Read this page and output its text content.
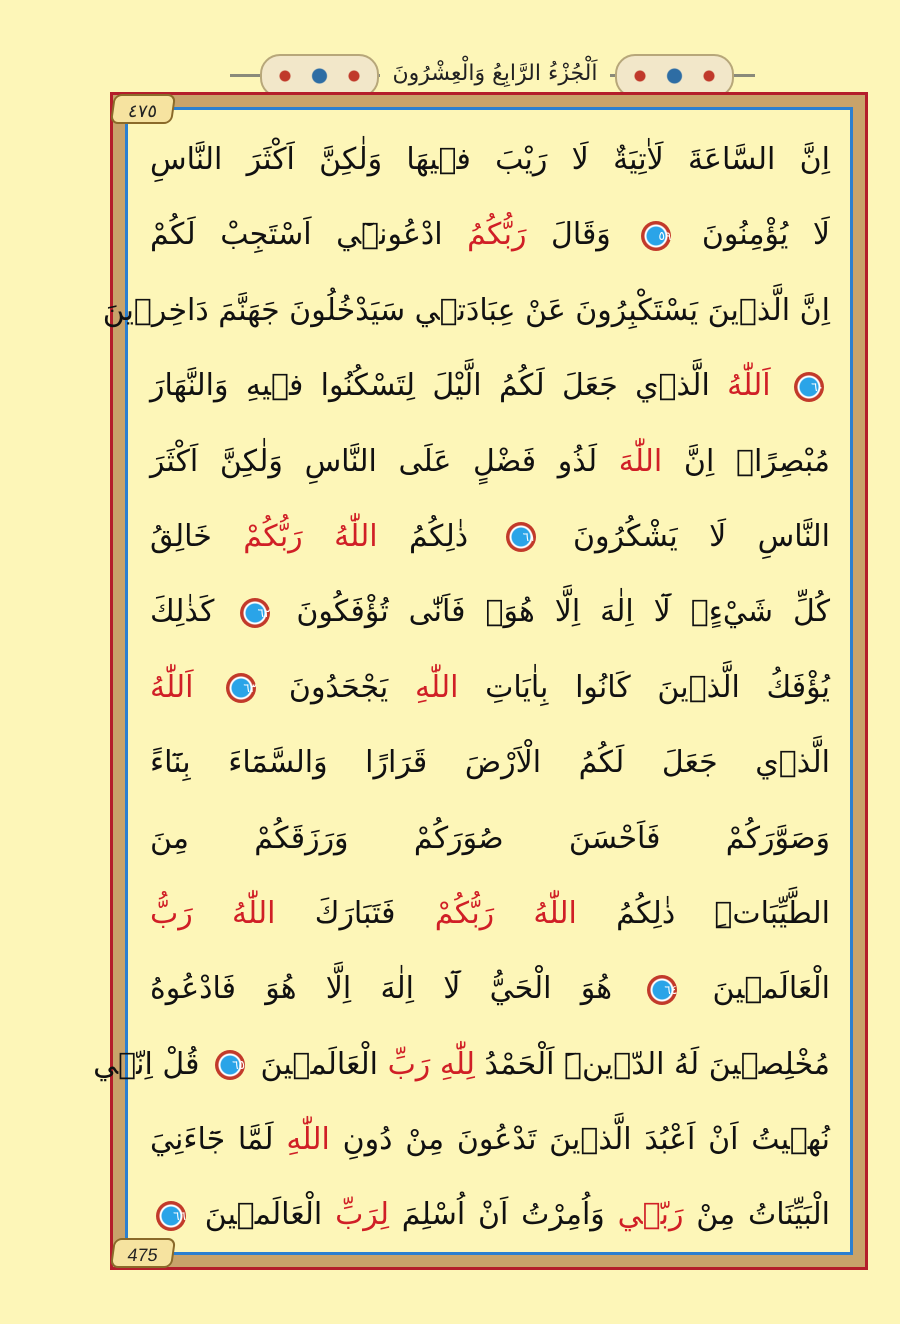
اَلْجُزْءُ الرَّابِعُ وَالْعِشْرُونَ
٤٧٥
475
اِنَّ السَّاعَةَ لَاٰتِيَةٌ لَا رَيْبَ ف۪يهَا وَلٰكِنَّ اَكْثَرَ النَّاسِ
لَا يُؤْمِنُونَ ٥٩ وَقَالَ رَبُّكُمُ ادْعُون۪ٓي اَسْتَجِبْ لَكُمْ
اِنَّ الَّذ۪ينَ يَسْتَكْبِرُونَ عَنْ عِبَادَت۪ي سَيَدْخُلُونَ جَهَنَّمَ دَاخِر۪ينَ
٦٠ اَللّٰهُ الَّذ۪ي جَعَلَ لَكُمُ الَّيْلَ لِتَسْكُنُوا ف۪يهِ وَالنَّهَارَ
مُبْصِرًاۜ اِنَّ اللّٰهَ لَذُو فَضْلٍ عَلَى النَّاسِ وَلٰكِنَّ اَكْثَرَ
النَّاسِ لَا يَشْكُرُونَ ٦١ ذٰلِكُمُ اللّٰهُ رَبُّكُمْ خَالِقُ
كُلِّ شَيْءٍۢ لَٓا اِلٰهَ اِلَّا هُوَۘ فَاَنّٰى تُؤْفَكُونَ ٦٢ كَذٰلِكَ
يُؤْفَكُ الَّذ۪ينَ كَانُوا بِاٰيَاتِ اللّٰهِ يَجْحَدُونَ ٦٣ اَللّٰهُ
الَّذ۪ي جَعَلَ لَكُمُ الْاَرْضَ قَرَارًا وَالسَّمَٓاءَ بِنَٓاءً
وَصَوَّرَكُمْ فَاَحْسَنَ صُوَرَكُمْ وَرَزَقَكُمْ مِنَ
الطَّيِّبَاتِۜ ذٰلِكُمُ اللّٰهُ رَبُّكُمْ فَتَبَارَكَ اللّٰهُ رَبُّ
الْعَالَم۪ينَ ٦٤ هُوَ الْحَيُّ لَٓا اِلٰهَ اِلَّا هُوَ فَادْعُوهُ
مُخْلِص۪ينَ لَهُ الدّ۪ينَۜ اَلْحَمْدُ لِلّٰهِ رَبِّ الْعَالَم۪ينَ ٦٥ قُلْ اِنّ۪ي
نُه۪يتُ اَنْ اَعْبُدَ الَّذ۪ينَ تَدْعُونَ مِنْ دُونِ اللّٰهِ لَمَّا جَٓاءَنِيَ
الْبَيِّنَاتُ مِنْ رَبّ۪ي وَاُمِرْتُ اَنْ اُسْلِمَ لِرَبِّ الْعَالَم۪ينَ ٦٦
